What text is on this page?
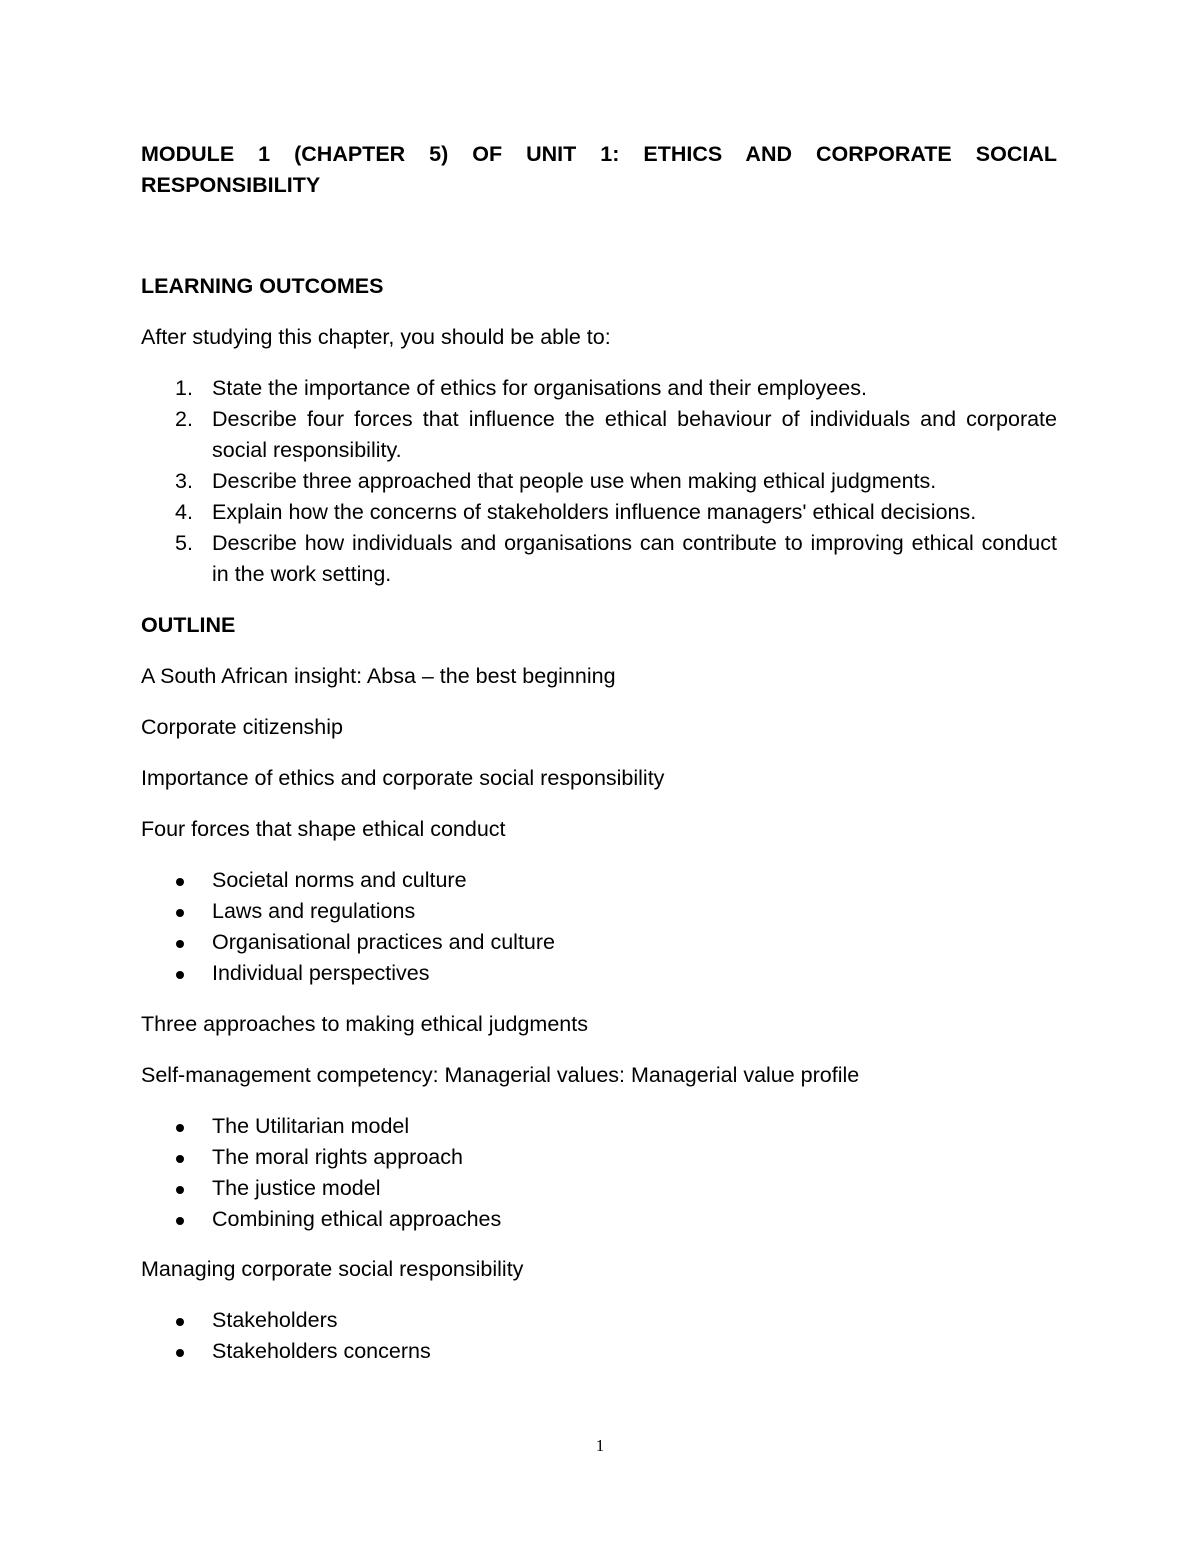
MODULE 1 (CHAPTER 5) OF UNIT 1: ETHICS AND CORPORATE SOCIAL RESPONSIBILITY
LEARNING OUTCOMES
After studying this chapter, you should be able to:
1. State the importance of ethics for organisations and their employees.
2. Describe four forces that influence the ethical behaviour of individuals and corporate social responsibility.
3. Describe three approached that people use when making ethical judgments.
4. Explain how the concerns of stakeholders influence managers' ethical decisions.
5. Describe how individuals and organisations can contribute to improving ethical conduct in the work setting.
OUTLINE
A South African insight: Absa – the best beginning
Corporate citizenship
Importance of ethics and corporate social responsibility
Four forces that shape ethical conduct
Societal norms and culture
Laws and regulations
Organisational practices and culture
Individual perspectives
Three approaches to making ethical judgments
Self-management competency: Managerial values: Managerial value profile
The Utilitarian model
The moral rights approach
The justice model
Combining ethical approaches
Managing corporate social responsibility
Stakeholders
Stakeholders concerns
1
